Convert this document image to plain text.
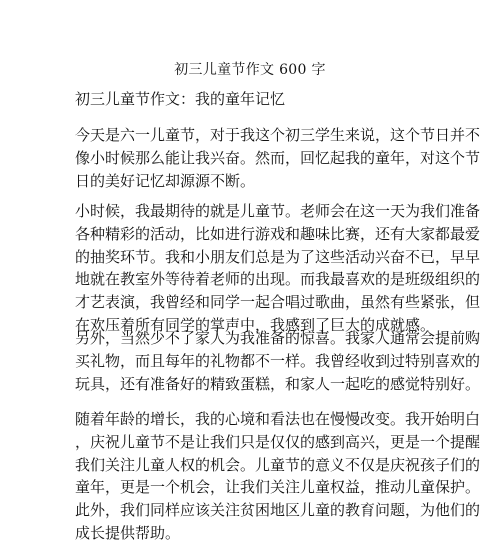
初三儿童节作文 600 字
初三儿童节作文：我的童年记忆
今天是六一儿童节，对于我这个初三学生来说，这个节日并不
像小时候那么能让我兴奋。然而，回忆起我的童年，对这个节
日的美好记忆却源源不断。
小时候，我最期待的就是儿童节。老师会在这一天为我们准备
各种精彩的活动，比如进行游戏和趣味比赛，还有大家都最爱
的抽奖环节。我和小朋友们总是为了这些活动兴奋不已，早早
地就在教室外等待着老师的出现。而我最喜欢的是班级组织的
才艺表演，我曾经和同学一起合唱过歌曲，虽然有些紧张，但
在欢压着所有同学的掌声中，我感到了巨大的成就感。
另外，当然少不了家人为我准备的惊喜。我家人通常会提前购
买礼物，而且每年的礼物都不一样。我曾经收到过特别喜欢的
玩具，还有准备好的精致蛋糕，和家人一起吃的感觉特别好。
随着年龄的增长，我的心境和看法也在慢慢改变。我开始明白
，庆祝儿童节不是让我们只是仅仅的感到高兴，更是一个提醒
我们关注儿童人权的机会。儿童节的意义不仅是庆祝孩子们的
童年，更是一个机会，让我们关注儿童权益，推动儿童保护。
此外，我们同样应该关注贫困地区儿童的教育问题，为他们的
成长提供帮助。
